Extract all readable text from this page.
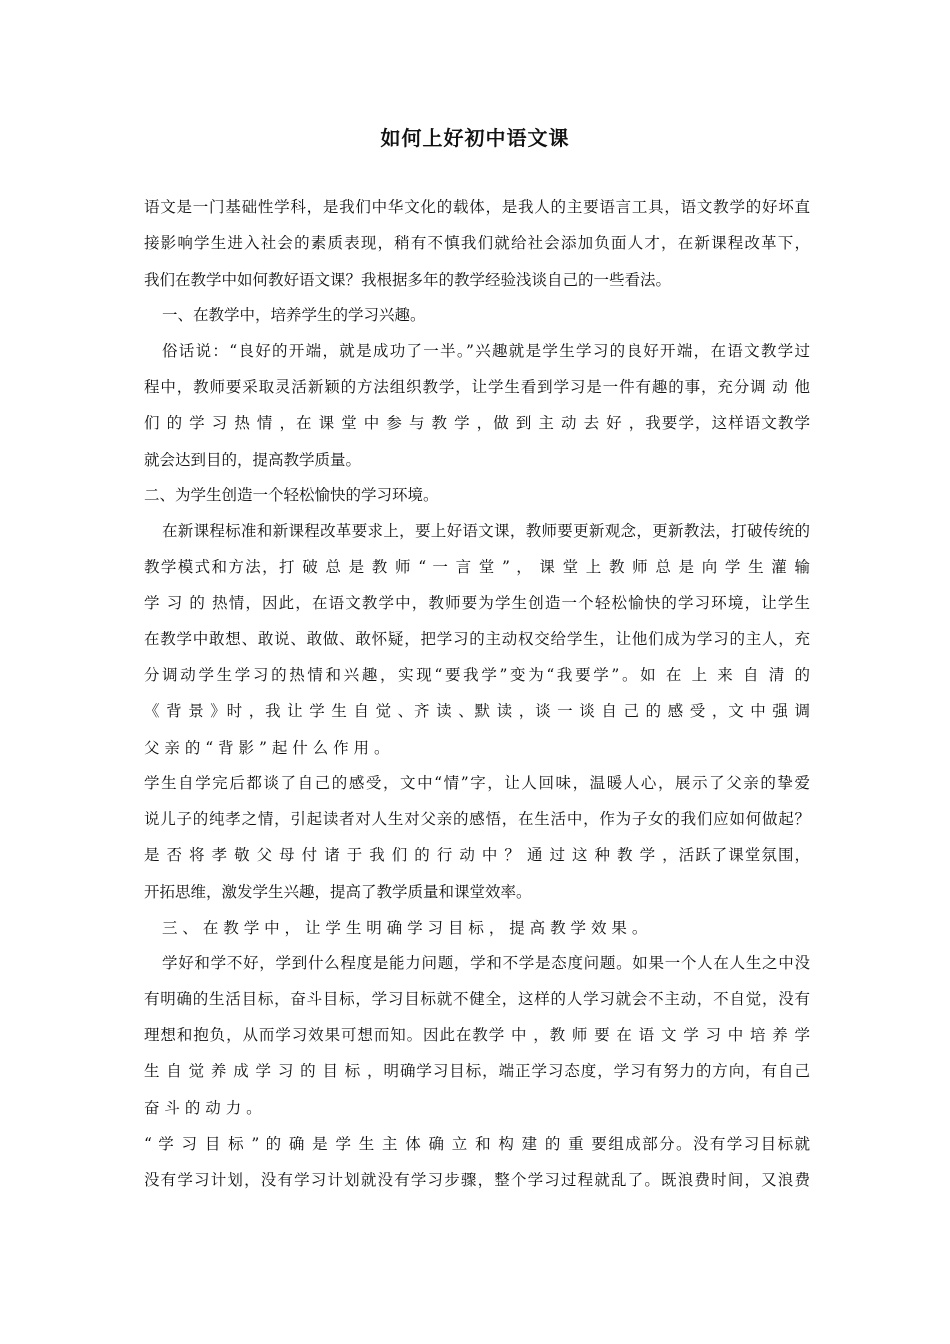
如何上好初中语文课
语文是一门基础性学科，是我们中华文化的载体，是我人的主要语言工具，语文教学的好坏直
接影响学生进入社会的素质表现，稍有不慎我们就给社会添加负面人才，在新课程改革下，
我们在教学中如何教好语文课？我根据多年的教学经验浅谈自己的一些看法。
一、在教学中，培养学生的学习兴趣。
俗话说：“良好的开端，就是成功了一半。”兴趣就是学生学习的良好开端，在语文教学过
程中，教师要采取灵活新颖的方法组织教学，让学生看到学习是一件有趣的事，充分调 动 他
们 的 学 习 热 情 ，在 课 堂 中 参 与 教 学 ，做 到 主 动 去 好 ，我要学，这样语文教学
就会达到目的，提高教学质量。
二、为学生创造一个轻松愉快的学习环境。
在新课程标准和新课程改革要求上，要上好语文课，教师要更新观念，更新教法，打破传统的
教学模式和方法，打 破 总 是 教 师 “ 一 言 堂 ” ， 课 堂 上 教 师 总 是 向 学 生 灌 输
学 习 的 热情，因此，在语文教学中，教师要为学生创造一个轻松愉快的学习环境，让学生
在教学中敢想、敢说、敢做、敢怀疑，把学习的主动权交给学生，让他们成为学习的主人，充
分调动学生学习的热情和兴趣，实现“要我学”变为“我要学”。如 在 上 来 自 清 的
《 背 景 》时 ，我 让 学 生 自 觉 、齐 读 、默 读 ，谈 一 谈 自 己 的 感 受 ，文 中 强 调
父 亲 的 “ 背 影 ” 起 什 么 作 用 。
学生自学完后都谈了自己的感受，文中“情”字，让人回味，温暖人心，展示了父亲的挚爱
说儿子的纯孝之情，引起读者对人生对父亲的感悟，在生活中，作为子女的我们应如何做起？
是 否 将 孝 敬 父 母 付 诸 于 我 们 的 行 动 中 ？ 通 过 这 种 教 学 ，活跃了课堂氛围，
开拓思维，激发学生兴趣，提高了教学质量和课堂效率。
三 、 在 教 学 中 ， 让 学 生 明 确 学 习 目 标 ， 提 高 教 学 效 果 。
学好和学不好，学到什么程度是能力问题，学和不学是态度问题。如果一个人在人生之中没
有明确的生活目标，奋斗目标，学习目标就不健全，这样的人学习就会不主动，不自觉，没有
理想和抱负，从而学习效果可想而知。因此在教学 中 ，教 师 要 在 语 文 学 习 中 培 养 学
生 自 觉 养 成 学 习 的 目 标 ，明确学习目标，端正学习态度，学习有努力的方向，有自己
奋 斗 的 动 力 。
“ 学 习 目 标 ” 的 确 是 学 生 主 体 确 立 和 构 建 的 重 要组成部分。没有学习目标就
没有学习计划，没有学习计划就没有学习步骤，整个学习过程就乱了。既浪费时间，又浪费
